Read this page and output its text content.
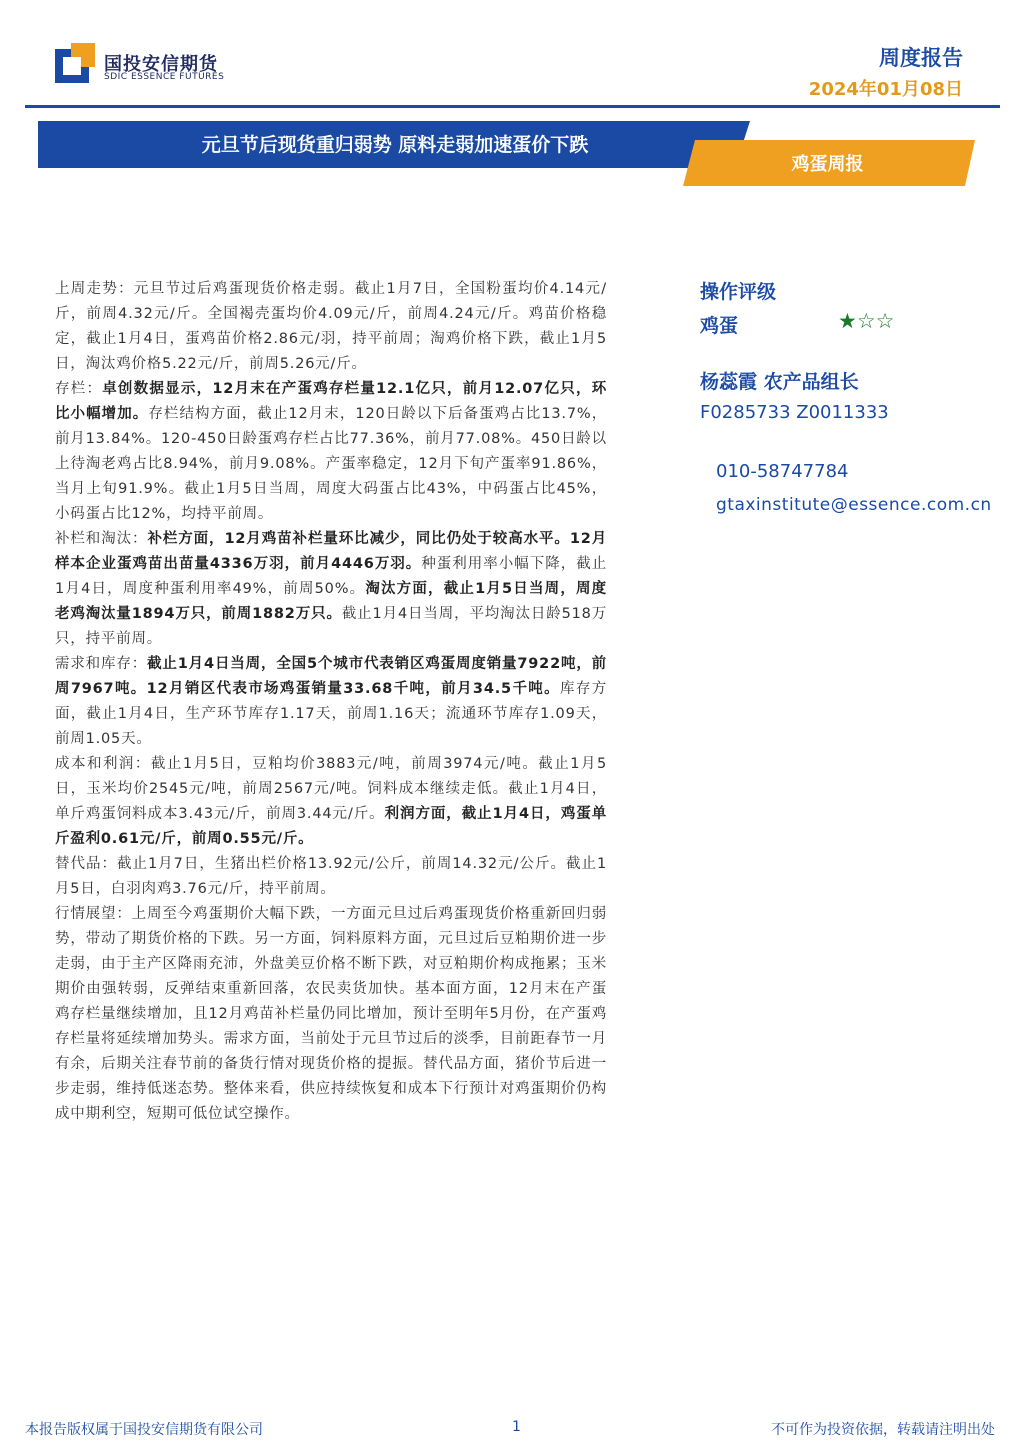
国投安信期货
SDIC ESSENCE FUTURES
周度报告
2024年01月08日
元旦节后现货重归弱势 原料走弱加速蛋价下跌
鸡蛋周报

上周走势：元旦节过后鸡蛋现货价格走弱。截止1月7日，全国粉蛋均价4.14元/斤，前周4.32元/斤。全国褐壳蛋均价4.09元/斤，前周4.24元/斤。鸡苗价格稳定，截止1月4日，蛋鸡苗价格2.86元/羽，持平前周；淘鸡价格下跌，截止1月5日，淘汰鸡价格5.22元/斤，前周5.26元/斤。

存栏：卓创数据显示，12月末在产蛋鸡存栏量12.1亿只，前月12.07亿只，环比小幅增加。存栏结构方面，截止12月末，120日龄以下后备蛋鸡占比13.7%，前月13.84%。120-450日龄蛋鸡存栏占比77.36%，前月77.08%。450日龄以上待淘老鸡占比8.94%，前月9.08%。产蛋率稳定，12月下旬产蛋率91.86%，当月上旬91.9%。截止1月5日当周，周度大码蛋占比43%，中码蛋占比45%，小码蛋占比12%，均持平前周。

补栏和淘汰：补栏方面，12月鸡苗补栏量环比减少，同比仍处于较高水平。12月样本企业蛋鸡苗出苗量4336万羽，前月4446万羽。种蛋利用率小幅下降，截止1月4日，周度种蛋利用率49%，前周50%。淘汰方面，截止1月5日当周，周度老鸡淘汰量1894万只，前周1882万只。截止1月4日当周，平均淘汰日龄518万只，持平前周。

需求和库存：截止1月4日当周，全国5个城市代表销区鸡蛋周度销量7922吨，前周7967吨。12月销区代表市场鸡蛋销量33.68千吨，前月34.5千吨。库存方面，截止1月4日，生产环节库存1.17天，前周1.16天；流通环节库存1.09天，前周1.05天。

成本和利润：截止1月5日，豆粕均价3883元/吨，前周3974元/吨。截止1月5日，玉米均价2545元/吨，前周2567元/吨。饲料成本继续走低。截止1月4日，单斤鸡蛋饲料成本3.43元/斤，前周3.44元/斤。利润方面，截止1月4日，鸡蛋单斤盈利0.61元/斤，前周0.55元/斤。

替代品：截止1月7日，生猪出栏价格13.92元/公斤，前周14.32元/公斤。截止1月5日，白羽肉鸡3.76元/斤，持平前周。

行情展望：上周至今鸡蛋期价大幅下跌，一方面元旦过后鸡蛋现货价格重新回归弱势，带动了期货价格的下跌。另一方面，饲料原料方面，元旦过后豆粕期价进一步走弱，由于主产区降雨充沛，外盘美豆价格不断下跌，对豆粕期价构成拖累；玉米期价由强转弱，反弹结束重新回落，农民卖货加快。基本面方面，12月末在产蛋鸡存栏量继续增加，且12月鸡苗补栏量仍同比增加，预计至明年5月份，在产蛋鸡存栏量将延续增加势头。需求方面，当前处于元旦节过后的淡季，目前距春节一月有余，后期关注春节前的备货行情对现货价格的提振。替代品方面，猪价节后进一步走弱，维持低迷态势。整体来看，供应持续恢复和成本下行预计对鸡蛋期价仍构成中期利空，短期可低位试空操作。

操作评级
鸡蛋	★☆☆
杨蕊霞 农产品组长
F0285733 Z0011333
010-58747784
gtaxinstitute@essence.com.cn
本报告版权属于国投安信期货有限公司	1	不可作为投资依据，转载请注明出处
